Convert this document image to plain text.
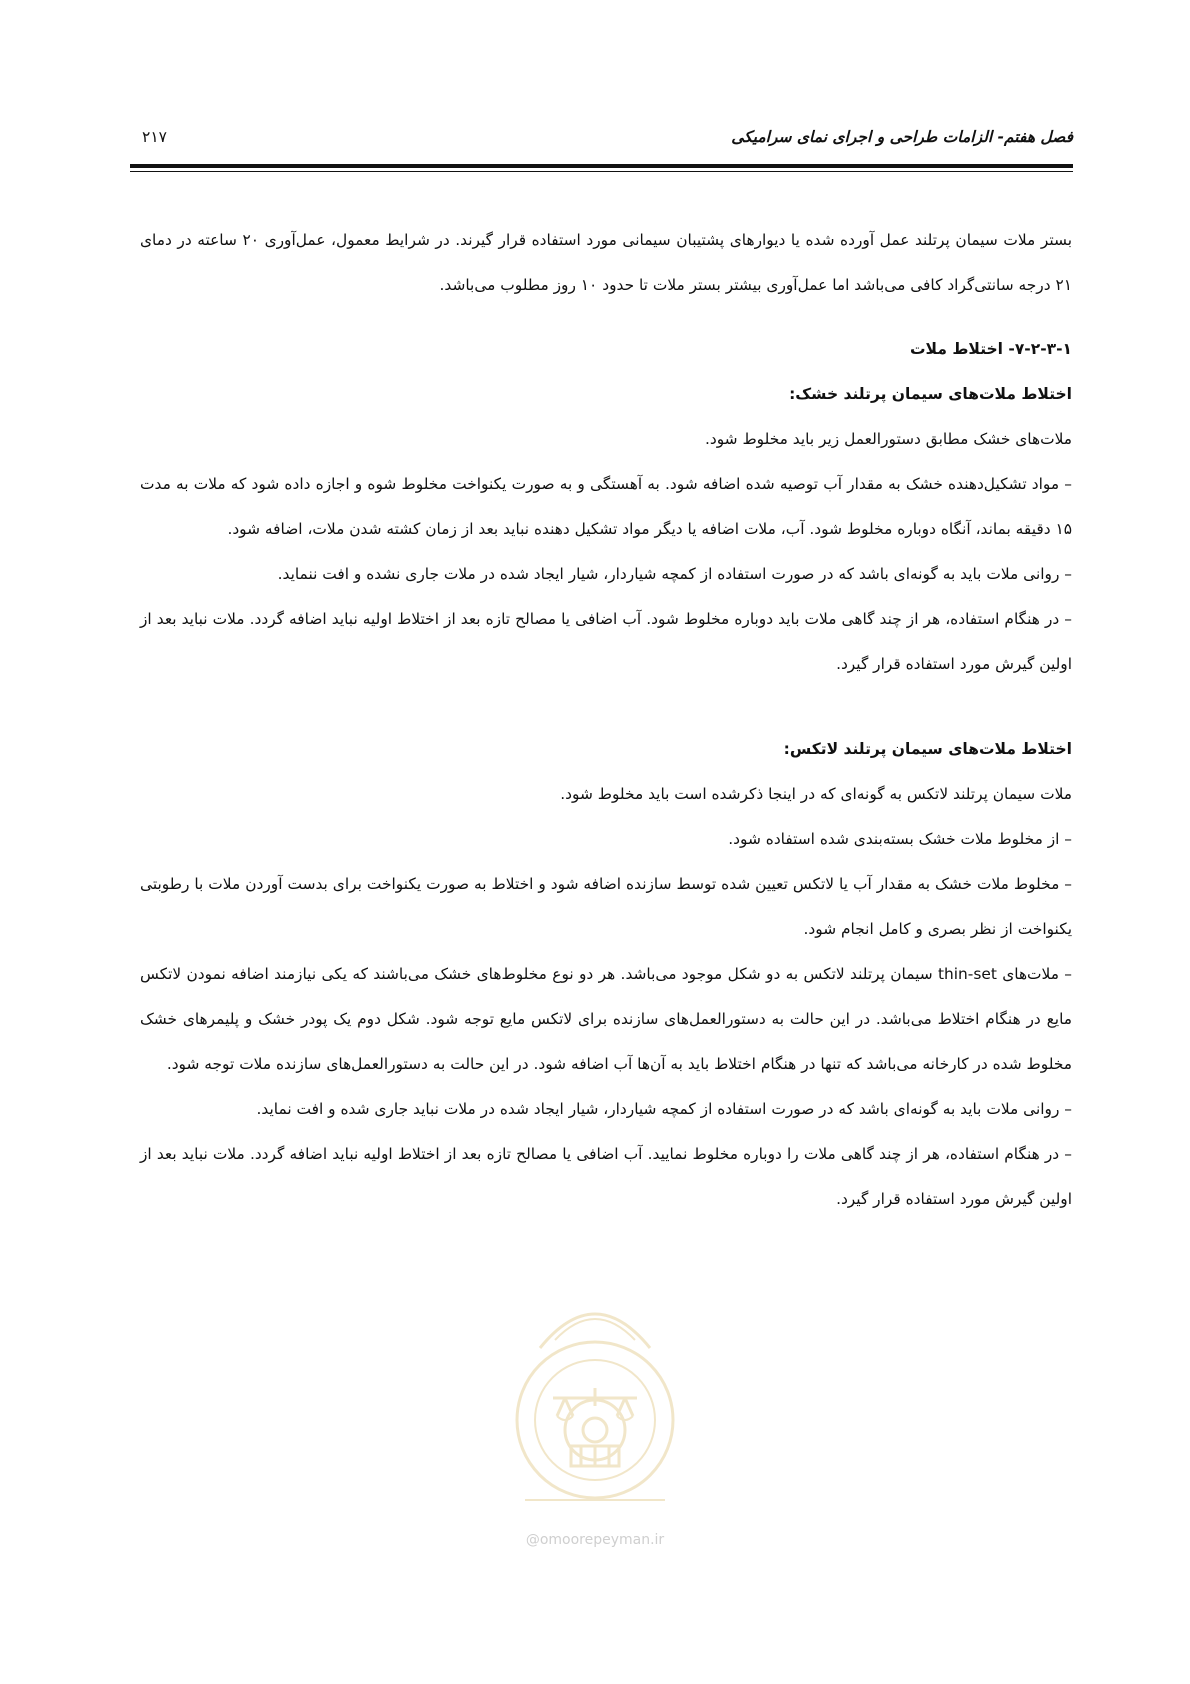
فصل هفتم- الزامات طراحی و اجرای نمای سرامیکی
۲۱۷

بستر ملات سیمان پرتلند عمل آورده شده یا دیوارهای پشتیبان سیمانی مورد استفاده قرار گیرند. در شرایط معمول، عمل‌آوری ۲۰ ساعته در دمای ۲۱ درجه سانتی‌گراد کافی می‌باشد اما عمل‌آوری بیشتر بستر ملات تا حدود ۱۰ روز مطلوب می‌باشد.

۷-۲-۳-۱- اختلاط ملات
اختلاط ملات‌های سیمان پرتلند خشک:

ملات‌های خشک مطابق دستورالعمل زیر باید مخلوط شود.

– مواد تشکیل‌دهنده خشک به مقدار آب توصیه شده اضافه شود. به آهستگی و به صورت یکنواخت مخلوط شوه و اجازه داده شود که ملات به مدت ۱۵ دقیقه بماند، آنگاه دوباره مخلوط شود. آب، ملات اضافه یا دیگر مواد تشکیل دهنده نباید بعد از زمان کشته شدن ملات، اضافه شود.

– روانی ملات باید به گونه‌ای باشد که در صورت استفاده از کمچه شیاردار، شیار ایجاد شده در ملات جاری نشده و افت ننماید.

– در هنگام استفاده، هر از چند گاهی ملات باید دوباره مخلوط شود. آب اضافی یا مصالح تازه بعد از اختلاط اولیه نباید اضافه گردد. ملات نباید بعد از اولین گیرش مورد استفاده قرار گیرد.

اختلاط ملات‌های سیمان پرتلند لاتکس:

ملات سیمان پرتلند لاتکس به گونه‌ای که در اینجا ذکرشده است باید مخلوط شود.

– از مخلوط ملات خشک بسته‌بندی شده استفاده شود.

– مخلوط ملات خشک به مقدار آب یا لاتکس تعیین شده توسط سازنده اضافه شود و اختلاط به صورت یکنواخت برای بدست آوردن ملات با رطوبتی یکنواخت از نظر بصری و کامل انجام شود.

– ملات‌های thin-set سیمان پرتلند لاتکس به دو شکل موجود می‌باشد. هر دو نوع مخلوط‌های خشک می‌باشند که یکی نیازمند اضافه نمودن لاتکس مایع در هنگام اختلاط می‌باشد. در این حالت به دستورالعمل‌های سازنده برای لاتکس مایع توجه شود. شکل دوم یک پودر خشک و پلیمرهای خشک مخلوط شده در کارخانه می‌باشد که تنها در هنگام اختلاط باید به آن‌ها آب اضافه شود. در این حالت به دستورالعمل‌های سازنده ملات توجه شود.

– روانی ملات باید به گونه‌ای باشد که در صورت استفاده از کمچه شیاردار، شیار ایجاد شده در ملات نباید جاری شده و افت نماید.

– در هنگام استفاده، هر از چند گاهی ملات را دوباره مخلوط نمایید. آب اضافی یا مصالح تازه بعد از اختلاط اولیه نباید اضافه گردد. ملات نباید بعد از اولین گیرش مورد استفاده قرار گیرد.

@omoorepeyman.ir
